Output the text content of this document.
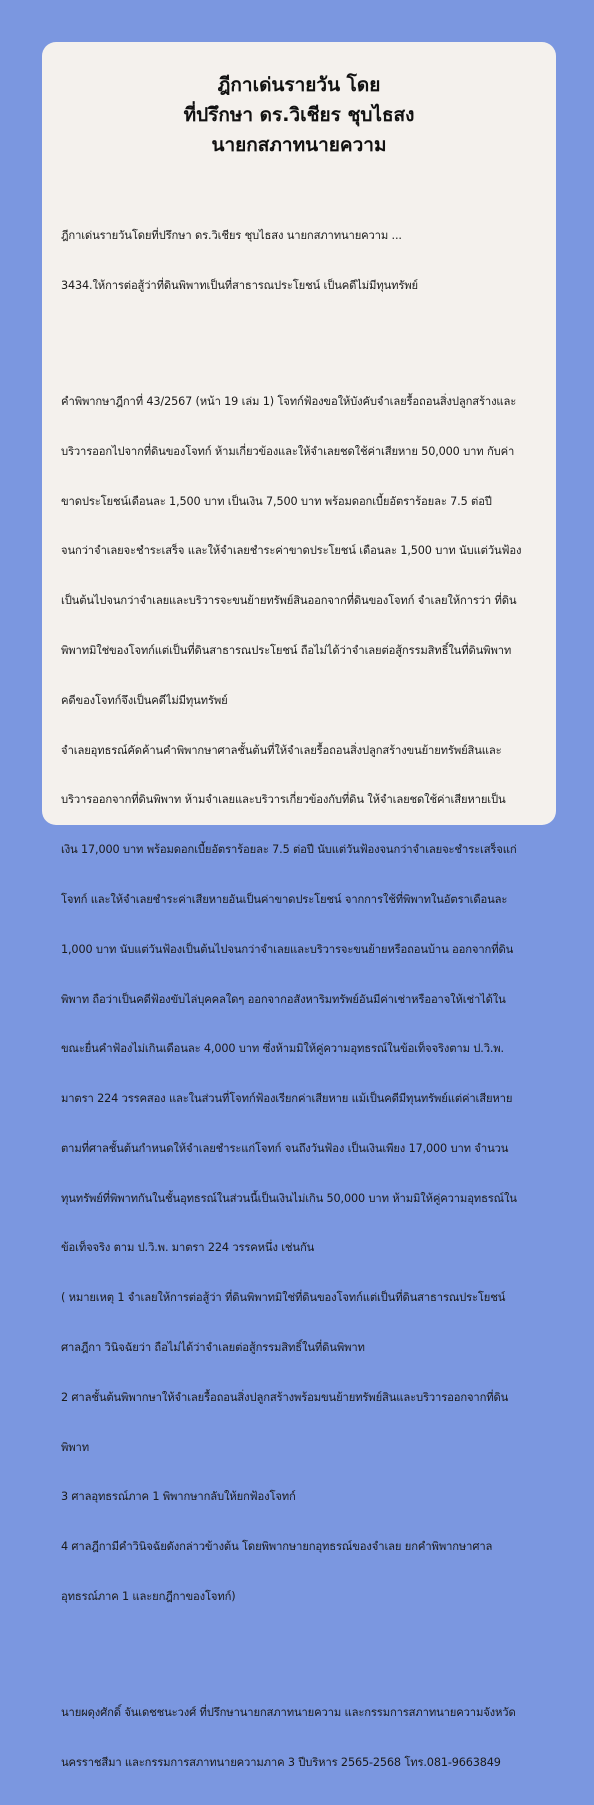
ฎีกาเด่นรายวัน โดย
ที่ปรึกษา ดร.วิเชียร ชุบไธสง
นายกสภาทนายความ

ฎีกาเด่นรายวันโดยที่ปรึกษา ดร.วิเชียร ชุบไธสง นายกสภาทนายความ ...

3434.ให้การต่อสู้ว่าที่ดินพิพาทเป็นที่สาธารณประโยชน์ เป็นคดีไม่มีทุนทรัพย์

คำพิพากษาฎีกาที่ 43/2567 (หน้า 19 เล่ม 1) โจทก์ฟ้องขอให้บังคับจำเลยรื้อถอนสิ่งปลูกสร้างและ

บริวารออกไปจากที่ดินของโจทก์ ห้ามเกี่ยวข้องและให้จำเลยชดใช้ค่าเสียหาย 50,000 บาท กับค่า

ขาดประโยชน์เดือนละ 1,500 บาท เป็นเงิน 7,500 บาท พร้อมดอกเบี้ยอัตราร้อยละ 7.5 ต่อปี

จนกว่าจำเลยจะชำระเสร็จ และให้จำเลยชำระค่าขาดประโยชน์ เดือนละ 1,500 บาท นับแต่วันฟ้อง

เป็นต้นไปจนกว่าจำเลยและบริวารจะขนย้ายทรัพย์สินออกจากที่ดินของโจทก์ จำเลยให้การว่า ที่ดิน

พิพาทมิใช่ของโจทก์แต่เป็นที่ดินสาธารณประโยชน์ ถือไม่ได้ว่าจำเลยต่อสู้กรรมสิทธิ์ในที่ดินพิพาท

คดีของโจทก์จึงเป็นคดีไม่มีทุนทรัพย์

จำเลยอุทธรณ์คัดค้านคำพิพากษาศาลชั้นต้นที่ให้จำเลยรื้อถอนสิ่งปลูกสร้างขนย้ายทรัพย์สินและ

บริวารออกจากที่ดินพิพาท ห้ามจำเลยและบริวารเกี่ยวข้องกับที่ดิน ให้จำเลยชดใช้ค่าเสียหายเป็น

เงิน 17,000 บาท พร้อมดอกเบี้ยอัตราร้อยละ 7.5 ต่อปี นับแต่วันฟ้องจนกว่าจำเลยจะชำระเสร็จแก่

โจทก์ และให้จำเลยชำระค่าเสียหายอันเป็นค่าขาดประโยชน์ จากการใช้ที่พิพาทในอัตราเดือนละ

1,000 บาท นับแต่วันฟ้องเป็นต้นไปจนกว่าจำเลยและบริวารจะขนย้ายหรือถอนบ้าน ออกจากที่ดิน

พิพาท ถือว่าเป็นคดีฟ้องขับไล่บุคคลใดๆ ออกจากอสังหาริมทรัพย์อันมีค่าเช่าหรืออาจให้เช่าได้ใน

ขณะยื่นคำฟ้องไม่เกินเดือนละ 4,000 บาท ซึ่งห้ามมิให้คู่ความอุทธรณ์ในข้อเท็จจริงตาม ป.วิ.พ.

มาตรา 224 วรรคสอง และในส่วนที่โจทก์ฟ้องเรียกค่าเสียหาย แม้เป็นคดีมีทุนทรัพย์แต่ค่าเสียหาย

ตามที่ศาลชั้นต้นกำหนดให้จำเลยชำระแก่โจทก์ จนถึงวันฟ้อง เป็นเงินเพียง 17,000 บาท จำนวน

ทุนทรัพย์ที่พิพาทกันในชั้นอุทธรณ์ในส่วนนี้เป็นเงินไม่เกิน 50,000 บาท ห้ามมิให้คู่ความอุทธรณ์ใน

ข้อเท็จจริง ตาม ป.วิ.พ. มาตรา 224 วรรคหนึ่ง เช่นกัน

( หมายเหตุ 1 จำเลยให้การต่อสู้ว่า ที่ดินพิพาทมิใช่ที่ดินของโจทก์แต่เป็นที่ดินสาธารณประโยชน์

ศาลฎีกา วินิจฉัยว่า ถือไม่ได้ว่าจำเลยต่อสู้กรรมสิทธิ์ในที่ดินพิพาท

2 ศาลชั้นต้นพิพากษาให้จำเลยรื้อถอนสิ่งปลูกสร้างพร้อมขนย้ายทรัพย์สินและบริวารออกจากที่ดิน

พิพาท

3 ศาลอุทธรณ์ภาค 1 พิพากษากลับให้ยกฟ้องโจทก์

4 ศาลฎีกามีคำวินิจฉัยดังกล่าวข้างต้น โดยพิพากษายกอุทธรณ์ของจำเลย ยกคำพิพากษาศาล

อุทธรณ์ภาค 1 และยกฎีกาของโจทก์)

นายผดุงศักดิ์ จันเดชชนะวงศ์ ที่ปรึกษานายกสภาทนายความ และกรรมการสภาทนายความจังหวัด

นครราชสีมา และกรรมการสภาทนายความภาค 3 ปีบริหาร 2565-2568 โทร.081-9663849
